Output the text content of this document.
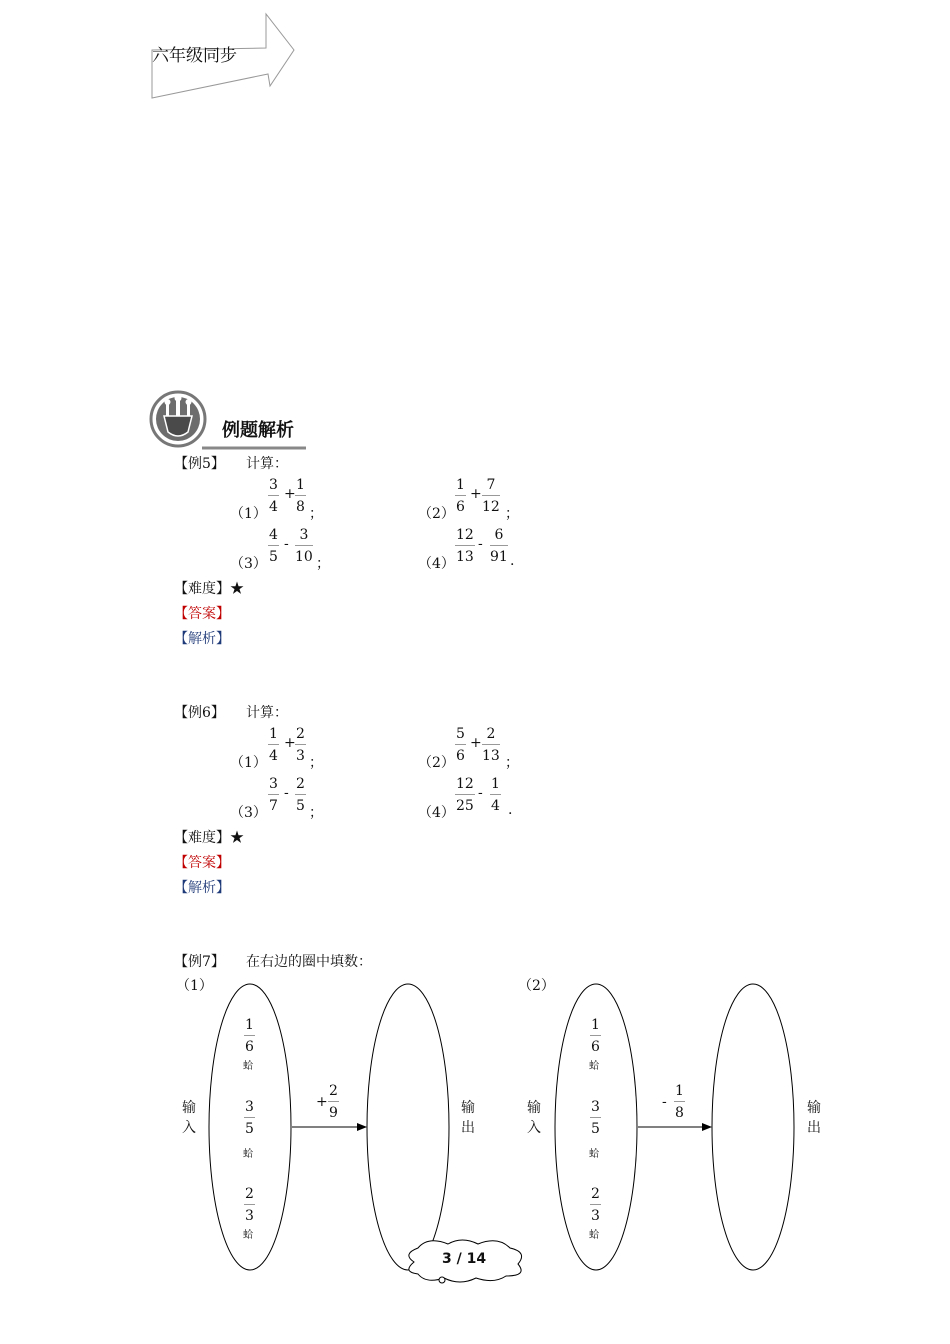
六年级同步
例题解析
【例5】 计算：
$(1) \frac{3}{4} + \frac{1}{8}$ ；	$(2) \frac{1}{6} + \frac{7}{12}$ ；
$(3) \frac{4}{5} - \frac{3}{10}$ ；	$(4) \frac{12}{13} - \frac{6}{91}$ .
【难度】★
【答案】
【解析】
【例6】 计算：
$(1) \frac{1}{4} + \frac{2}{3}$ ；	$(2) \frac{5}{6} + \frac{2}{13}$ ；
$(3) \frac{3}{7} - \frac{2}{5}$ ；	$(4) \frac{12}{25} - \frac{1}{4}$ .
【难度】★
【答案】
【解析】
【例7】 在右边的圈中填数：
（1）
输
入
输
出
$\frac{1}{6}$
蛤
$\frac{3}{5}$
蛤
$\frac{2}{3}$
蛤
+ $\frac{2}{9}$
（2）
输
入
输
出
$\frac{1}{6}$
蛤
$\frac{3}{5}$
蛤
$\frac{2}{3}$
蛤
- $\frac{1}{8}$
3 / 14
